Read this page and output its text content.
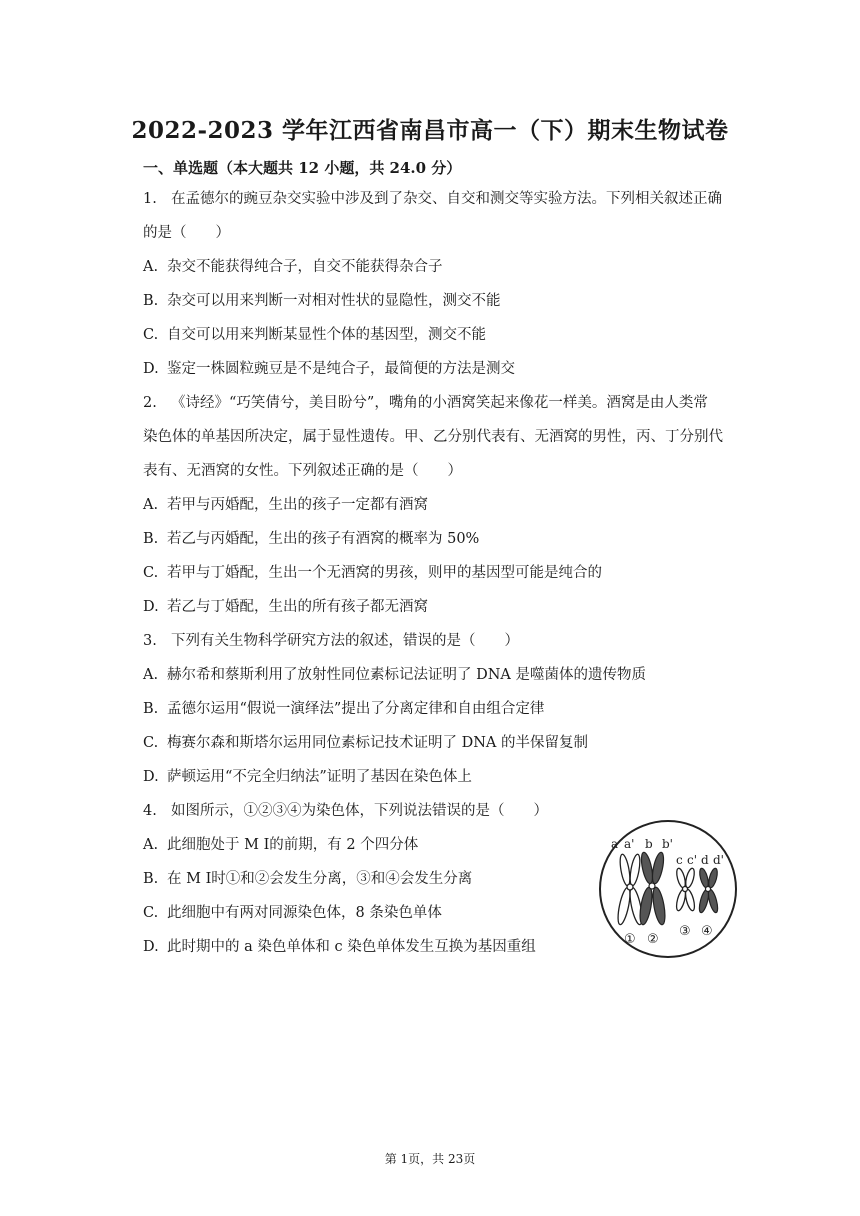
2022-2023 学年江西省南昌市高一（下）期末生物试卷
一、单选题（本大题共 12 小题，共 24.0 分）
1. 在孟德尔的豌豆杂交实验中涉及到了杂交、自交和测交等实验方法。下列相关叙述正确
的是（　　）
A. 杂交不能获得纯合子，自交不能获得杂合子
B. 杂交可以用来判断一对相对性状的显隐性，测交不能
C. 自交可以用来判断某显性个体的基因型，测交不能
D. 鉴定一株圆粒豌豆是不是纯合子，最简便的方法是测交
2. 《诗经》“巧笑倩兮，美目盼兮”，嘴角的小酒窝笑起来像花一样美。酒窝是由人类常
染色体的单基因所决定，属于显性遗传。甲、乙分别代表有、无酒窝的男性，丙、丁分别代
表有、无酒窝的女性。下列叙述正确的是（　　）
A. 若甲与丙婚配，生出的孩子一定都有酒窝
B. 若乙与丙婚配，生出的孩子有酒窝的概率为 50%
C. 若甲与丁婚配，生出一个无酒窝的男孩，则甲的基因型可能是纯合的
D. 若乙与丁婚配，生出的所有孩子都无酒窝
3. 下列有关生物科学研究方法的叙述，错误的是（　　）
A. 赫尔希和蔡斯利用了放射性同位素标记法证明了 DNA 是噬菌体的遗传物质
B. 孟德尔运用“假说一演绎法”提出了分离定律和自由组合定律
C. 梅赛尔森和斯塔尔运用同位素标记技术证明了 DNA 的半保留复制
D. 萨顿运用“不完全归纳法”证明了基因在染色体上
4. 如图所示，①②③④为染色体，下列说法错误的是（　　）
A. 此细胞处于 M Ⅰ的前期，有 2 个四分体
B. 在 M Ⅰ时①和②会发生分离，③和④会发生分离
C. 此细胞中有两对同源染色体，8 条染色单体
D. 此时期中的 a 染色单体和 c 染色单体发生互换为基因重组
a a' b b'
c c' d d'
① ②
③ ④
第 1页，共 23页
